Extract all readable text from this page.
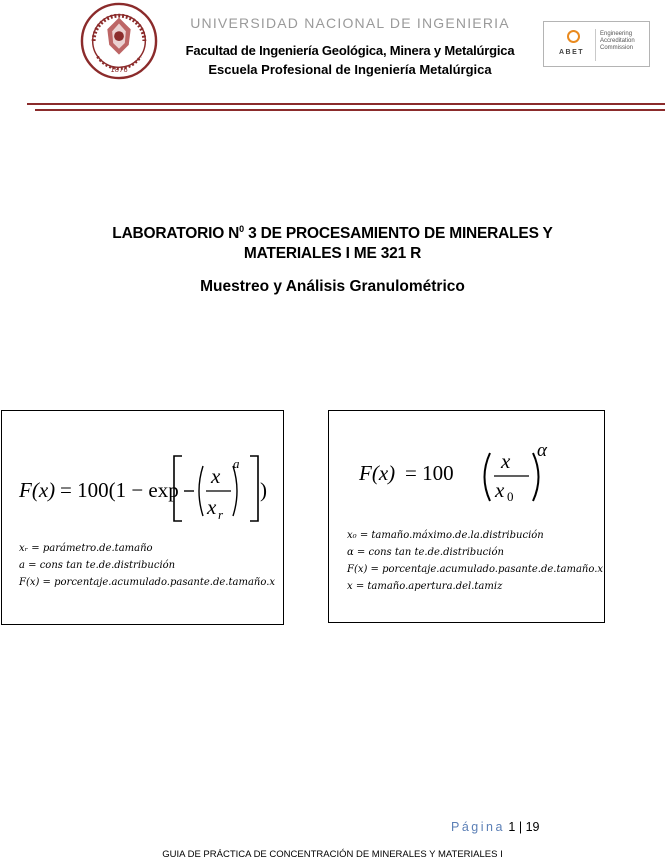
1876
UNIVERSIDAD NACIONAL DE INGENIERIA
Facultad de Ingeniería Geológica, Minera y Metalúrgica
Escuela Profesional de Ingeniería Metalúrgica
ABET
Engineering
Accreditation
Commission
LABORATORIO $N^0$ 3 DE PROCESAMIENTO DE MINERALES Y
MATERIALES I ME 321 R
Muestreo y Análisis Granulométrico
F(x) = 100(1 − exp
x
x r
a
)
xᵣ = parámetro.de.tamaño
a = cons tan te.de.distribución
F(x) = porcentaje.acumulado.pasante.de.tamaño.x
F(x) = 100 x
x 0
α
x₀ = tamaño.máximo.de.la.distribución
α = cons tan te.de.distribución
F(x) = porcentaje.acumulado.pasante.de.tamaño.x
x = tamaño.apertura.del.tamiz
Página 1 | 19
GUIA DE PRÁCTICA DE CONCENTRACIÓN DE MINERALES Y MATERIALES I
